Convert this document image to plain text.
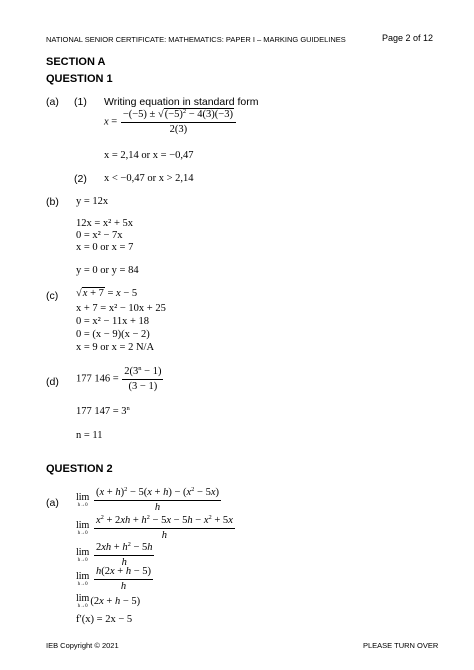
NATIONAL SENIOR CERTIFICATE: MATHEMATICS: PAPER I – MARKING GUIDELINES	Page 2 of 12
SECTION A
QUESTION 1
(a) (1) Writing equation in standard form
$x = \frac{-(-5) \pm √(-5)^2 - 4(3)(-3)}{2(3)}$
x = 2,14 or x = −0,47
(2) x < −0,47 or x > 2,14
(b) y = 12x
12x = x² + 5x
0 = x² − 7x
x = 0 or x = 7
y = 0 or y = 84
(c) √x + 7 = x − 5
x + 7 = x² − 10x + 25
0 = x² − 11x + 18
0 = (x − 9)(x − 2)
x = 9 or x = 2 N/A
(d) 177 $146 = \frac{2(3^n - 1)}{(3 - 1)}$
177 $147 = 3^n$
n = 11
QUESTION 2
(a) lim
h→0
$\frac{(x + h)^2 - 5(x + h) - (x^2 - 5x)}{h}$
lim
h→0
$\frac{x^2 + 2xh + h^2 - 5x - 5h - x^2 + 5x}{h}$
lim
h→0
$\frac{2xh + h^2 - 5h}{h}$
lim
h→0
$\frac{h(2x + h - 5)}{h}$
lim
h→0 (2x + h − 5)
f′(x) = 2x − 5
IEB Copyright © 2021	PLEASE TURN OVER
